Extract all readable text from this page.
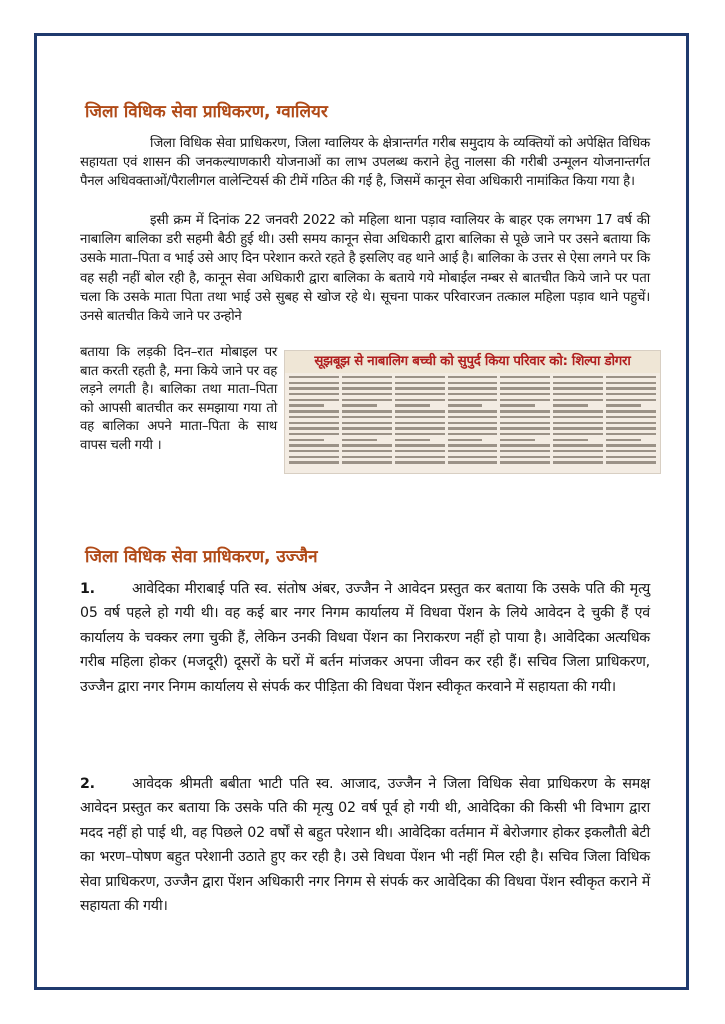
जिला विधिक सेवा प्राधिकरण, ग्वालियर

जिला विधिक सेवा प्राधिकरण, जिला ग्वालियर के क्षेत्रान्तर्गत गरीब समुदाय के व्यक्तियों को अपेक्षित विधिक सहायता एवं शासन की जनकल्याणकारी योजनाओं का लाभ उपलब्ध कराने हेतु नालसा की गरीबी उन्मूलन योजनान्तर्गत पैनल अधिवक्ताओं/पैरालीगल वालेन्टियर्स की टीमें गठित की गई है, जिसमें कानून सेवा अधिकारी नामांकित किया गया है।

इसी क्रम में दिनांक 22 जनवरी 2022 को महिला थाना पड़ाव ग्वालियर के बाहर एक लगभग 17 वर्ष की नाबालिग बालिका डरी सहमी बैठी हुई थी। उसी समय कानून सेवा अधिकारी द्वारा बालिका से पूछे जाने पर उसने बताया कि उसके माता–पिता व भाई उसे आए दिन परेशान करते रहते है इसलिए वह थाने आई है। बालिका के उत्तर से ऐसा लगने पर कि वह सही नहीं बोल रही है, कानून सेवा अधिकारी द्वारा बालिका के बताये गये मोबाईल नम्बर से बातचीत किये जाने पर पता चला कि उसके माता पिता तथा भाई उसे सुबह से खोज रहे थे। सूचना पाकर परिवारजन तत्काल महिला पड़ाव थाने पहुचें। उनसे बातचीत किये जाने पर उन्होने

बताया कि लड़की दिन–रात मोबाइल पर बात करती रहती है, मना किये जाने पर वह लड़ने लगती है। बालिका तथा माता–पिता को आपसी बातचीत कर समझाया गया तो वह बालिका अपने माता–पिता के साथ वापस चली गयी ।

सूझबूझ से नाबालिग बच्ची को सुपुर्द किया परिवार को: शिल्पा डोगरा
जिला विधिक सेवा प्राधिकरण, उज्जैन

1.	आवेदिका मीराबाई पति स्व. संतोष अंबर, उज्जैन ने आवेदन प्रस्तुत कर बताया कि उसके पति की मृत्यु 05 वर्ष पहले हो गयी थी। वह कई बार नगर निगम कार्यालय में विधवा पेंशन के लिये आवेदन दे चुकी हैं एवं कार्यालय के चक्कर लगा चुकी हैं, लेकिन उनकी विधवा पेंशन का निराकरण नहीं हो पाया है। आवेदिका अत्यधिक गरीब महिला होकर (मजदूरी) दूसरों के घरों में बर्तन मांजकर अपना जीवन कर रही हैं। सचिव जिला प्राधिकरण, उज्जैन द्वारा नगर निगम कार्यालय से संपर्क कर पीड़िता की विधवा पेंशन स्वीकृत करवाने में सहायता की गयी।

2.	आवेदक श्रीमती बबीता भाटी पति स्व. आजाद, उज्जैन ने जिला विधिक सेवा प्राधिकरण के समक्ष आवेदन प्रस्तुत कर बताया कि उसके पति की मृत्यु 02 वर्ष पूर्व हो गयी थी, आवेदिका की किसी भी विभाग द्वारा मदद नहीं हो पाई थी, वह पिछले 02 वर्षों से बहुत परेशान थी। आवेदिका वर्तमान में बेरोजगार होकर इकलौती बेटी का भरण–पोषण बहुत परेशानी उठाते हुए कर रही है। उसे विधवा पेंशन भी नहीं मिल रही है। सचिव जिला विधिक सेवा प्राधिकरण, उज्जैन द्वारा पेंशन अधिकारी नगर निगम से संपर्क कर आवेदिका की विधवा पेंशन स्वीकृत कराने में सहायता की गयी।
